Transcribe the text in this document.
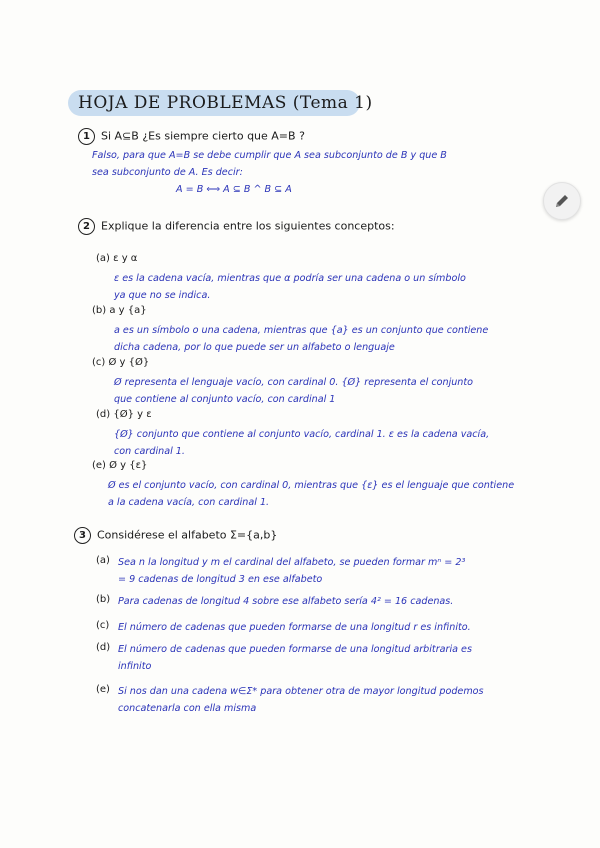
HOJA DE PROBLEMAS (Tema 1)
1 Si A⊆B ¿Es siempre cierto que A=B ?
Falso, para que A=B se debe cumplir que A sea subconjunto de B y que B
sea subconjunto de A. Es decir:
A = B ⟺ A ⊆ B ^ B ⊆ A
2 Explique la diferencia entre los siguientes conceptos:
(a) ε y α
ε es la cadena vacía, mientras que α podría ser una cadena o un símbolo
ya que no se indica.
(b) a y {a}
a es un símbolo o una cadena, mientras que {a} es un conjunto que contiene
dicha cadena, por lo que puede ser un alfabeto o lenguaje
(c) Ø y {Ø}
Ø representa el lenguaje vacío, con cardinal 0. {Ø} representa el conjunto
que contiene al conjunto vacío, con cardinal 1
(d) {Ø} y ε
{Ø} conjunto que contiene al conjunto vacío, cardinal 1. ε es la cadena vacía,
con cardinal 1.
(e) Ø y {ε}
Ø es el conjunto vacío, con cardinal 0, mientras que {ε} es el lenguaje que contiene
a la cadena vacía, con cardinal 1.
3 Considérese el alfabeto Σ={a,b}
(a) Sea n la longitud y m el cardinal del alfabeto, se pueden formar mⁿ = 2³
= 9 cadenas de longitud 3 en ese alfabeto
(b) Para cadenas de longitud 4 sobre ese alfabeto sería 4² = 16 cadenas.
(c) El número de cadenas que pueden formarse de una longitud r es infinito.
(d) El número de cadenas que pueden formarse de una longitud arbitraria es
infinito
(e) Si nos dan una cadena w∈Σ* para obtener otra de mayor longitud podemos
concatenarla con ella misma
